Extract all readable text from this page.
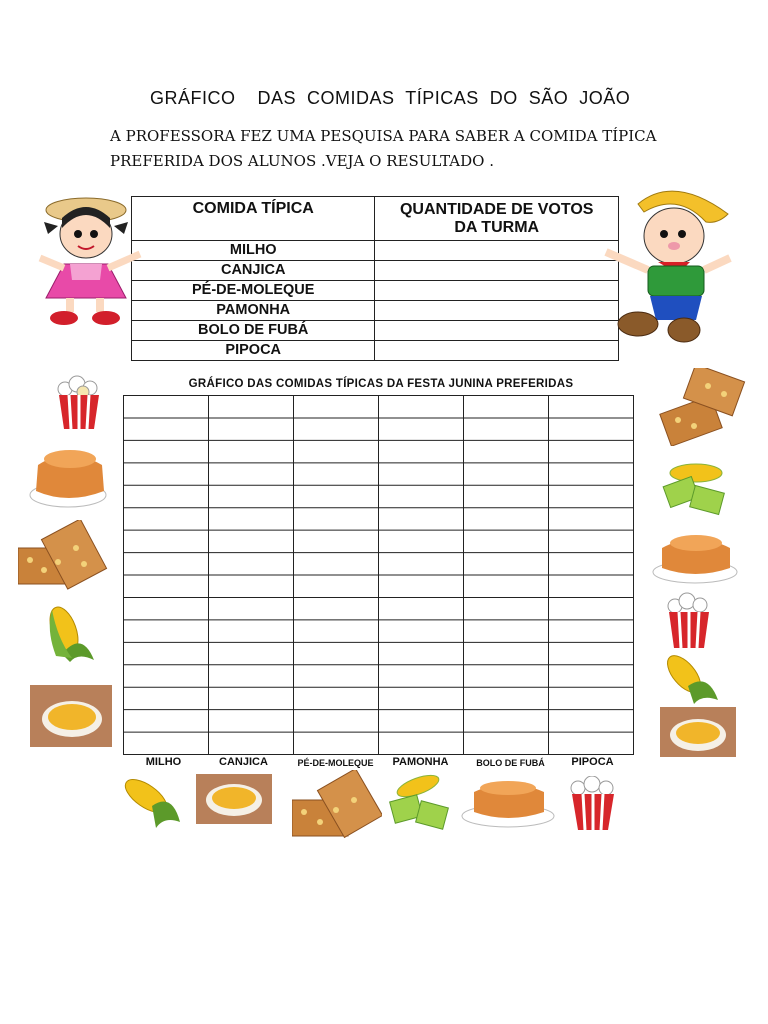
GRÁFICO    DAS  COMIDAS  TÍPICAS  DO  SÃO  JOÃO
A PROFESSORA FEZ UMA PESQUISA PARA SABER A COMIDA TÍPICA
PREFERIDA DOS ALUNOS .VEJA O RESULTADO .
COMIDA TÍPICA	QUANTIDADE DE VOTOS
DA TURMA
MILHO	
CANJICA	
PÉ-DE-MOLEQUE	
PAMONHA	
BOLO DE FUBÁ	
PIPOCA	
GRÁFICO DAS COMIDAS TÍPICAS DA FESTA JUNINA PREFERIDAS
MILHO	CANJICA	PÉ-DE-MOLEQUE	PAMONHA	BOLO DE FUBÁ	PIPOCA
